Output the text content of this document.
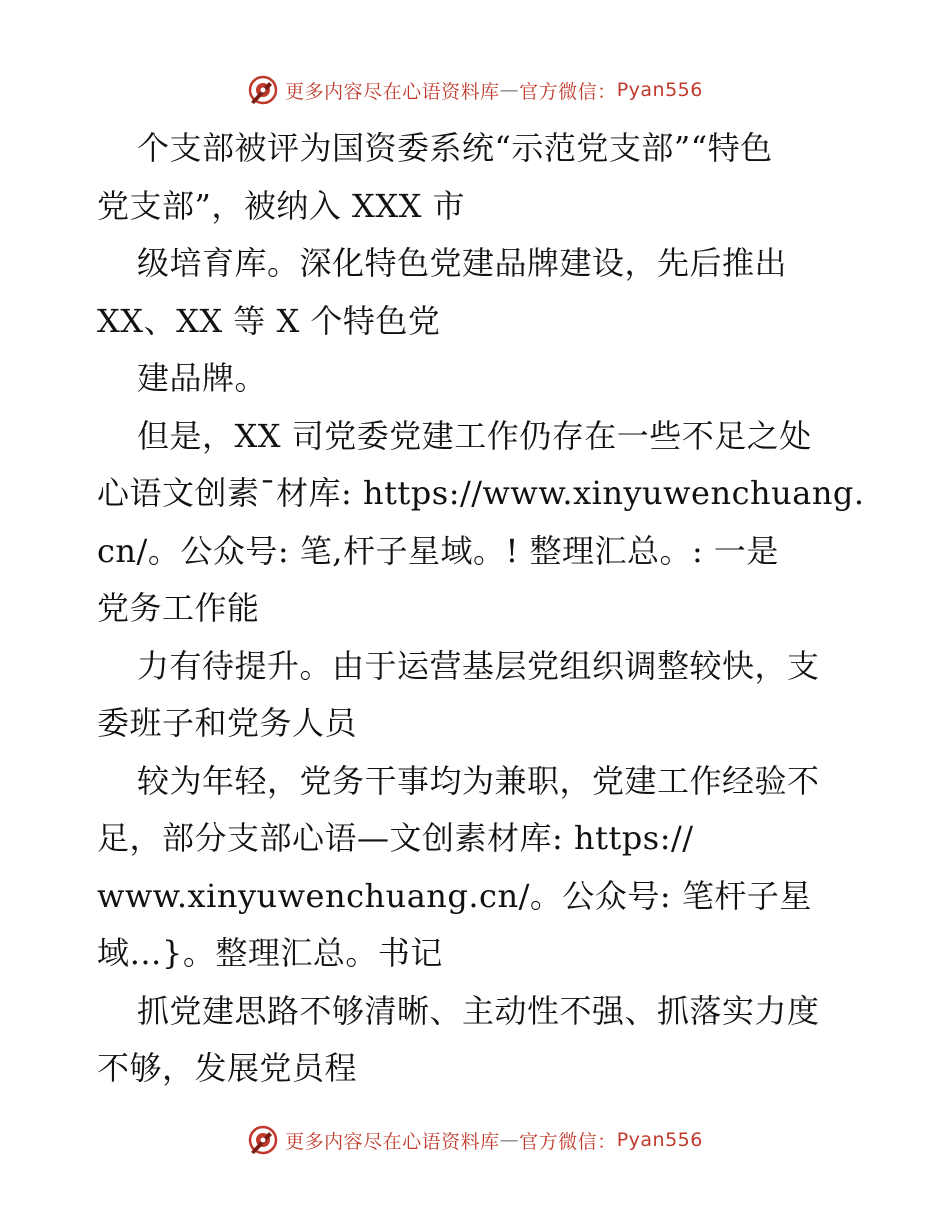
更多内容尽在心语资料库 — 官方微信： Pyan556
个支部被评为国资委系统“示范党支部”“特色
党支部”，被纳入 XXX 市
级培育库。深化特色党建品牌建设，先后推出
XX、XX 等 X 个特色党
建品牌。
但是，XX 司党委党建工作仍存在一些不足之处
心语文创素¯材库: https://www.xinyuwenchuang.
cn/。公众号: 笔,杆子星域。! 整理汇总。: 一是
党务工作能
力有待提升。由于运营基层党组织调整较快，支
委班子和党务人员
较为年轻，党务干事均为兼职，党建工作经验不
足，部分支部心语—文创素材库: https://
www.xinyuwenchuang.cn/。公众号: 笔杆子星
域…}。整理汇总。书记
抓党建思路不够清晰、主动性不强、抓落实力度
不够，发展党员程
更多内容尽在心语资料库 — 官方微信： Pyan556
